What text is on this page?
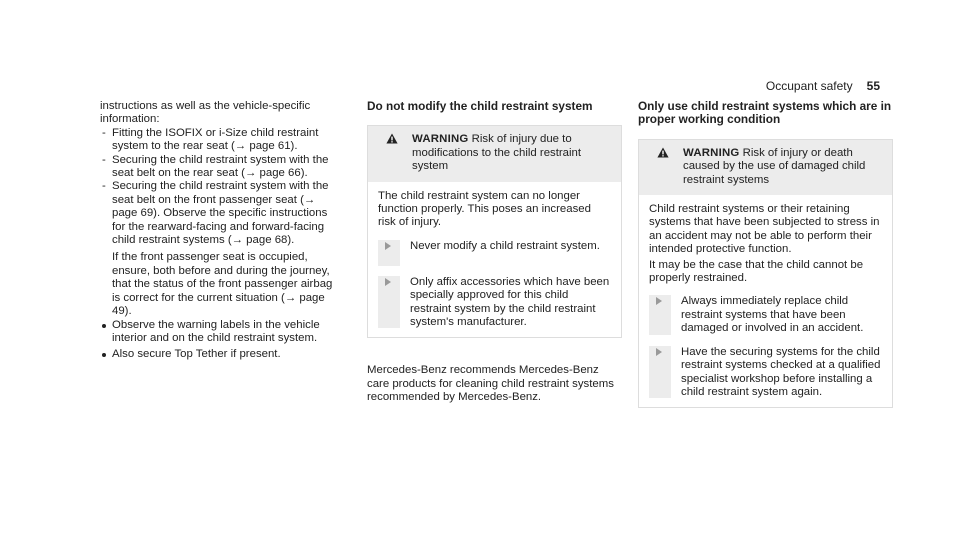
Occupant safety 55

instructions as well as the vehicle-specific information:

- Fitting the ISOFIX or i-Size child restraint system to the rear seat (→ page 61).
- Securing the child restraint system with the seat belt on the rear seat (→ page 66).
- Securing the child restraint system with the seat belt on the front passenger seat (→ page 69). Observe the specific instructions for the rearward-facing and forward-facing child restraint systems (→ page 68).
If the front passenger seat is occupied, ensure, both before and during the journey, that the status of the front passenger airbag is correct for the current situation (→ page 49).
Observe the warning labels in the vehicle interior and on the child restraint system.
Also secure Top Tether if present.
Do not modify the child restraint system
WARNING Risk of injury due to modifications to the child restraint system

The child restraint system can no longer function properly. This poses an increased risk of injury.

Never modify a child restraint system.
Only affix accessories which have been specially approved for this child restraint system by the child restraint system's manufacturer.

Mercedes-Benz recommends Mercedes-Benz care products for cleaning child restraint systems recommended by Mercedes-Benz.

Only use child restraint systems which are in proper working condition
WARNING Risk of injury or death caused by the use of damaged child restraint systems

Child restraint systems or their retaining systems that have been subjected to stress in an accident may not be able to perform their intended protective function.

It may be the case that the child cannot be properly restrained.

Always immediately replace child restraint systems that have been damaged or involved in an accident.
Have the securing systems for the child restraint systems checked at a qualified specialist workshop before installing a child restraint system again.
